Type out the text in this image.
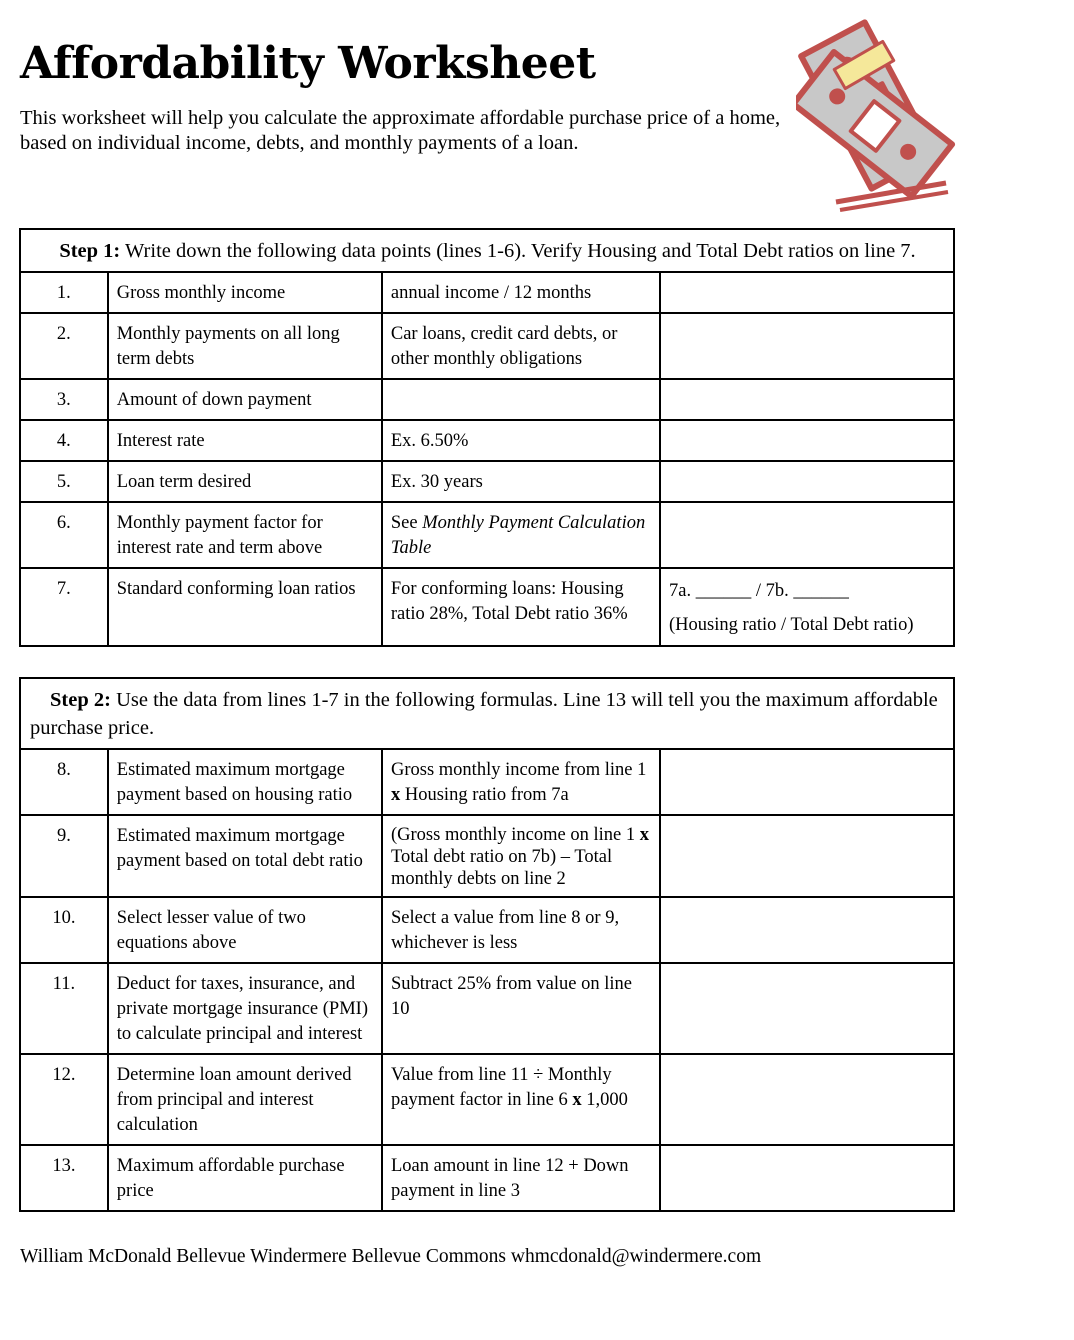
Affordability Worksheet

This worksheet will help you calculate the approximate affordable purchase price of a home, based on individual income, debts, and monthly payments of a loan.

Step 1: Write down the following data points (lines 1-6). Verify Housing and Total Debt ratios on line 7.			
1.	Gross monthly income	annual income / 12 months	
2.	Monthly payments on all long term debts	Car loans, credit card debts, or other monthly obligations	
3.	Amount of down payment		
4.	Interest rate	Ex. 6.50%	
5.	Loan term desired	Ex. 30 years	
6.	Monthly payment factor for interest rate and term above	See Monthly Payment Calculation Table	
7.	Standard conforming loan ratios	For conforming loans: Housing ratio 28%, Total Debt ratio 36%	7a. ______ / 7b. ______
(Housing ratio / Total Debt ratio)
Step 2: Use the data from lines 1-7 in the following formulas. Line 13 will tell you the maximum affordable purchase price.			
8.	Estimated maximum mortgage payment based on housing ratio	Gross monthly income from line 1 x Housing ratio from 7a	
9.	Estimated maximum mortgage payment based on total debt ratio	(Gross monthly income on line 1 x Total debt ratio on 7b) – Total monthly debts on line 2	
10.	Select lesser value of two equations above	Select a value from line 8 or 9, whichever is less	
11.	Deduct for taxes, insurance, and private mortgage insurance (PMI) to calculate principal and interest	Subtract 25% from value on line 10	
12.	Determine loan amount derived from principal and interest calculation	Value from line 11 ÷ Monthly payment factor in line 6 x 1,000	
13.	Maximum affordable purchase price	Loan amount in line 12 + Down payment in line 3	

William McDonald Bellevue Windermere Bellevue Commons whmcdonald@windermere.com
